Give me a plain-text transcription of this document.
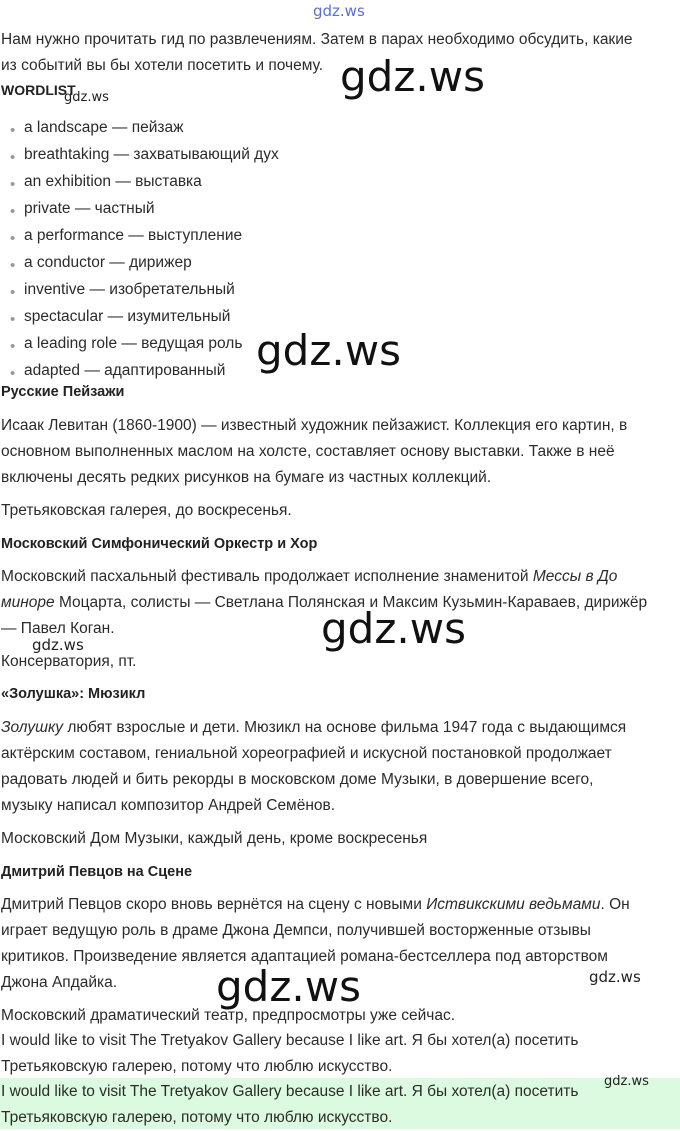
gdz.ws
Нам нужно прочитать гид по развлечениям. Затем в парах необходимо обсудить, какие
из событий вы бы хотели посетить и почему. gdz.ws
WORDLIST
gdz.ws
• a landscape — пейзаж
• breathtaking — захватывающий дух
• an exhibition — выставка
• private — частный
• a performance — выступление
• a conductor — дирижер
• inventive — изобретательный
• spectacular — изумительный
• a leading role — ведущая роль
• adapted — адаптированный gdz.ws
Русские Пейзажи
Исаак Левитан (1860-1900) — известный художник пейзажист. Коллекция его картин, в
основном выполненных маслом на холсте, составляет основу выставки. Также в неё
включены десять редких рисунков на бумаге из частных коллекций.
Третьяковская галерея, до воскресенья.
Московский Симфонический Оркестр и Хор
Московский пасхальный фестиваль продолжает исполнение знаменитой Мессы в До
миноре Моцарта, солисты — Светлана Полянская и Максим Кузьмин-Караваев, дирижёр
— Павел Коган.
gdz.ws	gdz.ws
Консерватория, пт.
«Золушка»: Мюзикл
Золушку любят взрослые и дети. Мюзикл на основе фильма 1947 года с выдающимся
актёрским составом, гениальной хореографией и искусной постановкой продолжает
радовать людей и бить рекорды в московском доме Музыки, в довершение всего,
музыку написал композитор Андрей Семёнов.
Московский Дом Музыки, каждый день, кроме воскресенья
Дмитрий Певцов на Сцене
Дмитрий Певцов скоро вновь вернётся на сцену с новыми Иствикскими ведьмами. Он
играет ведущую роль в драме Джона Демпси, получившей восторженные отзывы
критиков. Произведение является адаптацией романа-бестселлера под авторством
Джона Апдайка.	gdz.ws
Московский драматический театр, предпросмотры уже сейчас.
gdz.ws
I would like to visit The Tretyakov Gallery because I like art. Я бы хотел(а) посетить
Третьяковскую галерею, потому что люблю искусство.
I would like to visit The Tretyakov Gallery because I like art. Я бы хотел(а) посетить
Третьяковскую галерею, потому что люблю искусство.
gdz.ws
